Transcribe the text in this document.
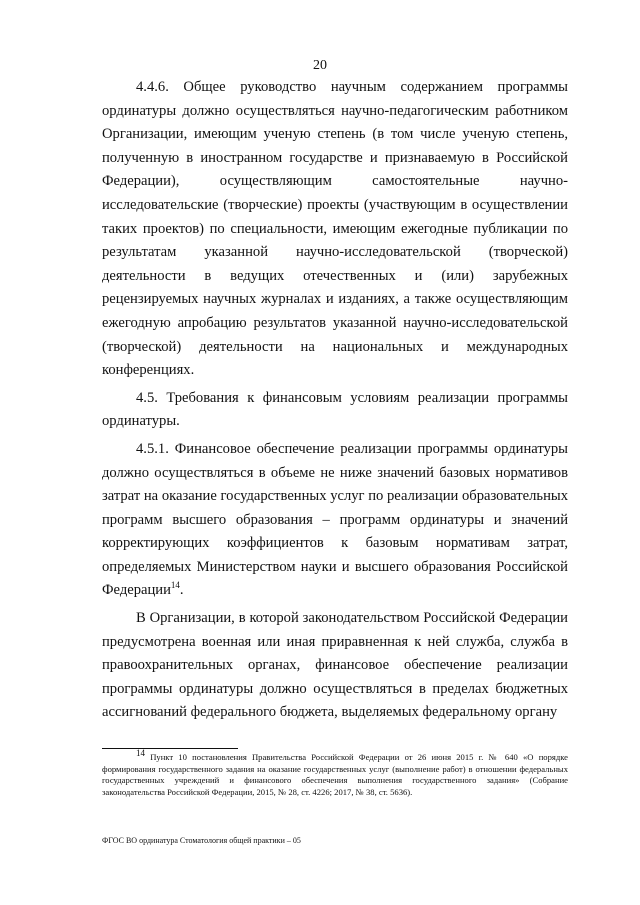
20

4.4.6. Общее руководство научным содержанием программы ординатуры должно осуществляться научно-педагогическим работником Организации, имеющим ученую степень (в том числе ученую степень, полученную в иностранном государстве и признаваемую в Российской Федерации), осуществляющим самостоятельные научно-исследовательские (творческие) проекты (участвующим в осуществлении таких проектов) по специальности, имеющим ежегодные публикации по результатам указанной научно-исследовательской (творческой) деятельности в ведущих отечественных и (или) зарубежных рецензируемых научных журналах и изданиях, а также осуществляющим ежегодную апробацию результатов указанной научно-исследовательской (творческой) деятельности на национальных и международных конференциях.

4.5. Требования к финансовым условиям реализации программы ординатуры.

4.5.1. Финансовое обеспечение реализации программы ординатуры должно осуществляться в объеме не ниже значений базовых нормативов затрат на оказание государственных услуг по реализации образовательных программ высшего образования – программ ординатуры и значений корректирующих коэффициентов к базовым нормативам затрат, определяемых Министерством науки и высшего образования Российской Федерации$^{14}$.

В Организации, в которой законодательством Российской Федерации предусмотрена военная или иная приравненная к ней служба, служба в правоохранительных органах, финансовое обеспечение реализации программы ординатуры должно осуществляться в пределах бюджетных ассигнований федерального бюджета, выделяемых федеральному органу

$^{14}$ Пункт 10 постановления Правительства Российской Федерации от 26 июня 2015 г. № 640 «О порядке формирования государственного задания на оказание государственных услуг (выполнение работ) в отношении федеральных государственных учреждений и финансового обеспечения выполнения государственного задания» (Собрание законодательства Российской Федерации, 2015, № 28, ст. 4226; 2017, № 38, ст. 5636).
ФГОС ВО ординатура Стоматология общей практики – 05
